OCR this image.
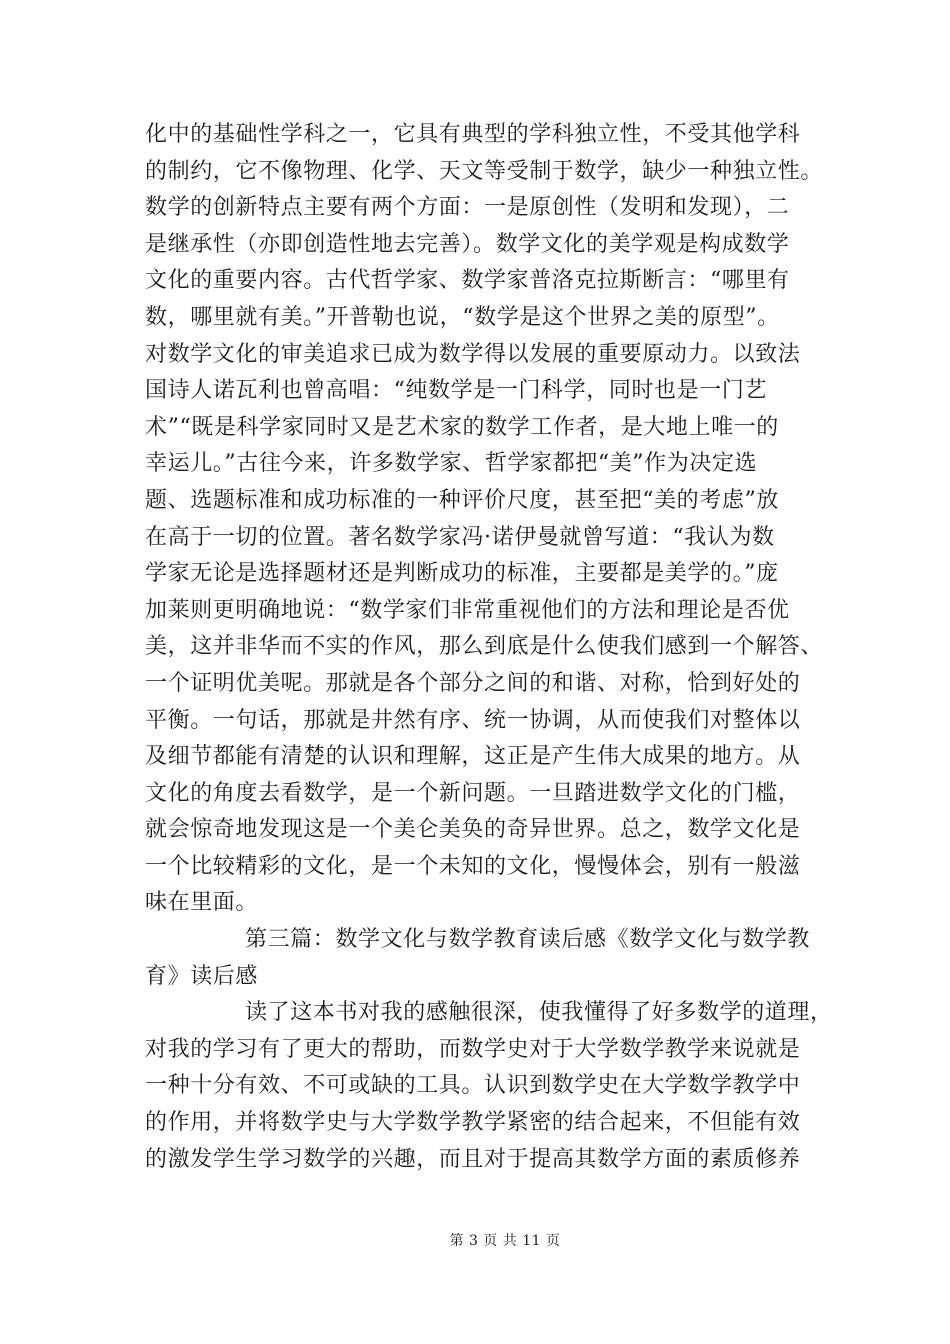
化中的基础性学科之一，它具有典型的学科独立性，不受其他学科

的制约，它不像物理、化学、天文等受制于数学，缺少一种独立性。

数学的创新特点主要有两个方面：一是原创性（发明和发现），二

是继承性（亦即创造性地去完善）。数学文化的美学观是构成数学

文化的重要内容。古代哲学家、数学家普洛克拉斯断言：“哪里有

数，哪里就有美。”开普勒也说，“数学是这个世界之美的原型”。

对数学文化的审美追求已成为数学得以发展的重要原动力。以致法

国诗人诺瓦利也曾高唱：“纯数学是一门科学，同时也是一门艺

术”“既是科学家同时又是艺术家的数学工作者，是大地上唯一的

幸运儿。”古往今来，许多数学家、哲学家都把“美”作为决定选

题、选题标准和成功标准的一种评价尺度，甚至把“美的考虑”放

在高于一切的位置。著名数学家冯·诺伊曼就曾写道：“我认为数

学家无论是选择题材还是判断成功的标准，主要都是美学的。”庞

加莱则更明确地说：“数学家们非常重视他们的方法和理论是否优

美，这并非华而不实的作风，那么到底是什么使我们感到一个解答、

一个证明优美呢。那就是各个部分之间的和谐、对称，恰到好处的

平衡。一句话，那就是井然有序、统一协调，从而使我们对整体以

及细节都能有清楚的认识和理解，这正是产生伟大成果的地方。从

文化的角度去看数学，是一个新问题。一旦踏进数学文化的门槛，

就会惊奇地发现这是一个美仑美奂的奇异世界。总之，数学文化是

一个比较精彩的文化，是一个未知的文化，慢慢体会，别有一般滋

味在里面。

第三篇：数学文化与数学教育读后感《数学文化与数学教

育》读后感

读了这本书对我的感触很深，使我懂得了好多数学的道理，

对我的学习有了更大的帮助，而数学史对于大学数学教学来说就是

一种十分有效、不可或缺的工具。认识到数学史在大学数学教学中

的作用，并将数学史与大学数学教学紧密的结合起来，不但能有效

的激发学生学习数学的兴趣，而且对于提高其数学方面的素质修养

第 3 页 共 11 页
